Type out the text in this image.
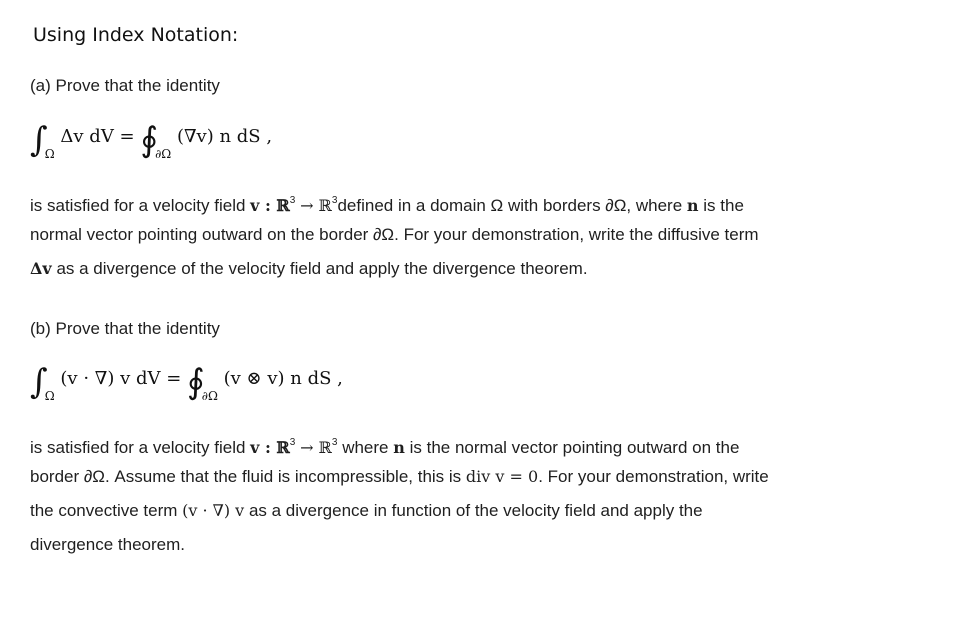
Using Index Notation:
(a) Prove that the identity
$\int_\Omega$ Δv dV = $∮_{\partial\Omega}$ (∇v) n dS ,
is satisfied for a velocity field v : ℝ$^3$ → ℝ$^3$defined in a domain Ω with borders ∂Ω, where n is the
normal vector pointing outward on the border ∂Ω. For your demonstration, write the diffusive term
Δv as a divergence of the velocity field and apply the divergence theorem.
(b) Prove that the identity
$\int_\Omega$ (v · ∇) v dV = $∮_{\partial\Omega}$ (v ⊗ v) n dS ,
is satisfied for a velocity field v : ℝ$^3$ → ℝ$^3$ where n is the normal vector pointing outward on the
border ∂Ω. Assume that the fluid is incompressible, this is div v = 0. For your demonstration, write
the convective term (v · ∇) v as a divergence in function of the velocity field and apply the
divergence theorem.
